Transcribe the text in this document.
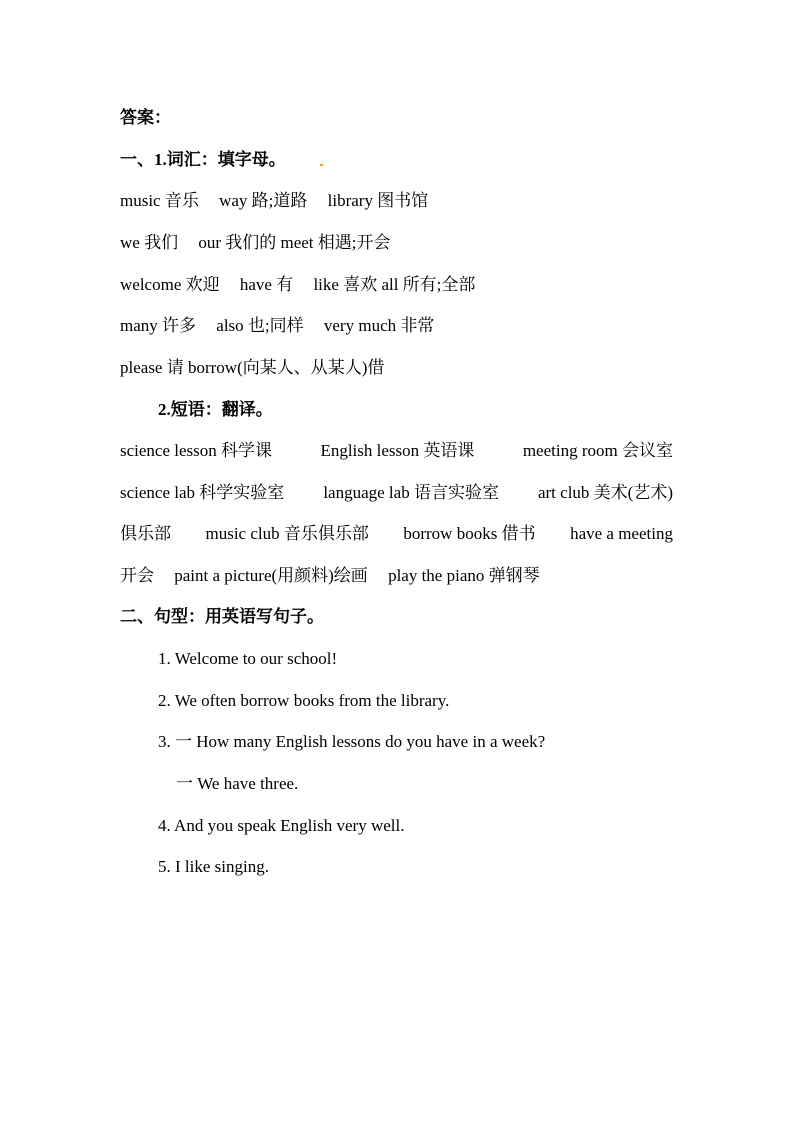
答案：
一、1.词汇：填字母。
music 音乐 way 路;道路 library 图书馆
we 我们 our 我们的 meet 相遇;开会
welcome 欢迎 have 有 like 喜欢 all 所有;全部
many 许多 also 也;同样 very much 非常
please 请 borrow(向某人、从某人)借
2.短语：翻译。
science lesson 科学课	English lesson 英语课	meeting room 会议室
science lab 科学实验室 language lab 语言实验室 art club 美术(艺术)
俱乐部 music club 音乐俱乐部 borrow books 借书 have a meeting
开会 paint a picture(用颜料)绘画 play the piano 弹钢琴
二、句型：用英语写句子。
1. Welcome to our school!
2. We often borrow books from the library.
3. 一 How many English lessons do you have in a week?
一 We have three.
4. And you speak English very well.
5. I like singing.
